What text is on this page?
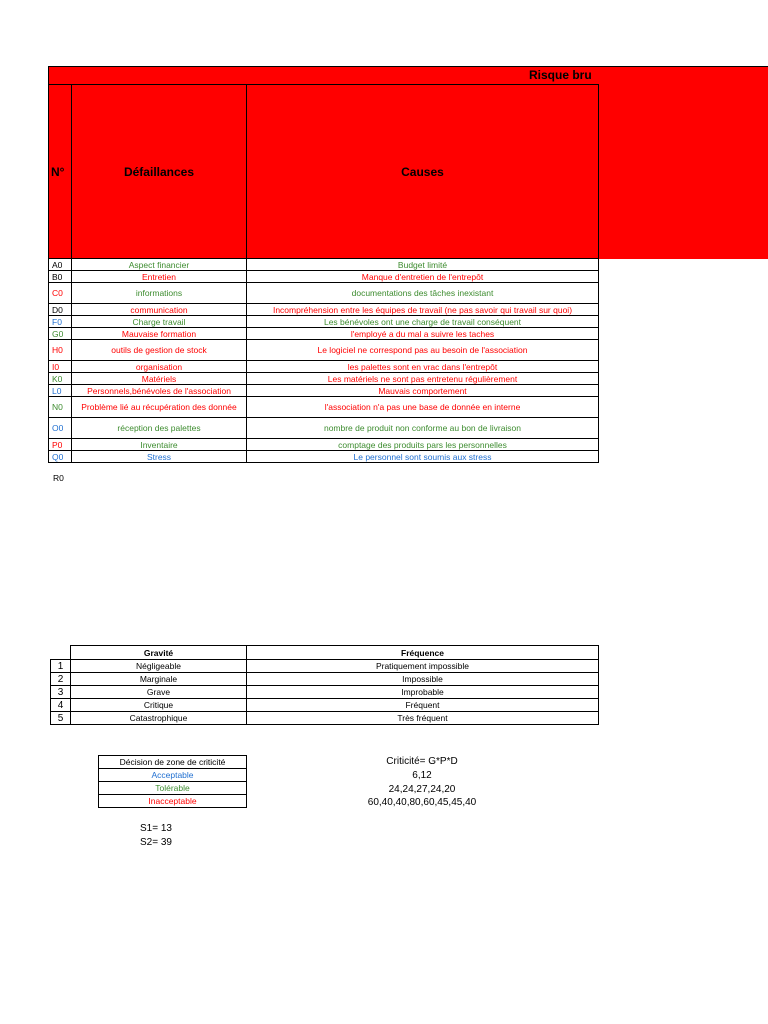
Risque bru
N°	Défaillances	Causes
A0	Aspect financier	Budget limité
B0	Entretien	Manque d'entretien de l'entrepôt
C0	informations	documentations des tâches inexistant
D0	communication	Incompréhension entre les équipes de travail (ne pas savoir qui travail sur quoi)
F0	Charge travail	Les bénévoles ont une charge de travail conséquent
G0	Mauvaise formation	l'employé a du mal a suivre les taches
H0	outils de gestion de stock	Le logiciel ne correspond pas au besoin de l'association
I0	organisation	les palettes sont en vrac dans l'entrepôt
K0	Matériels	Les matériels ne sont pas entretenu régulièrement
L0	Personnels,bénévoles de l'association	Mauvais comportement
N0	Problème lié au récupération des donnée	l'association n'a pas une base de donnée en interne
O0	réception des palettes	nombre de produit non conforme au bon de livraison
P0	Inventaire	comptage des produits pars les personnelles
Q0	Stress	Le personnel sont soumis aux stress
R0
	Gravité	Fréquence
1	Négligeable	Pratiquement impossible
2	Marginale	Impossible
3	Grave	Improbable
4	Critique	Fréquent
5	Catastrophique	Très fréquent
Décision de zone de criticité
Acceptable
Tolérable
Inacceptable
Criticité= G*P*D
6,12
24,24,27,24,20
60,40,40,80,60,45,45,40
S1= 13
S2= 39
